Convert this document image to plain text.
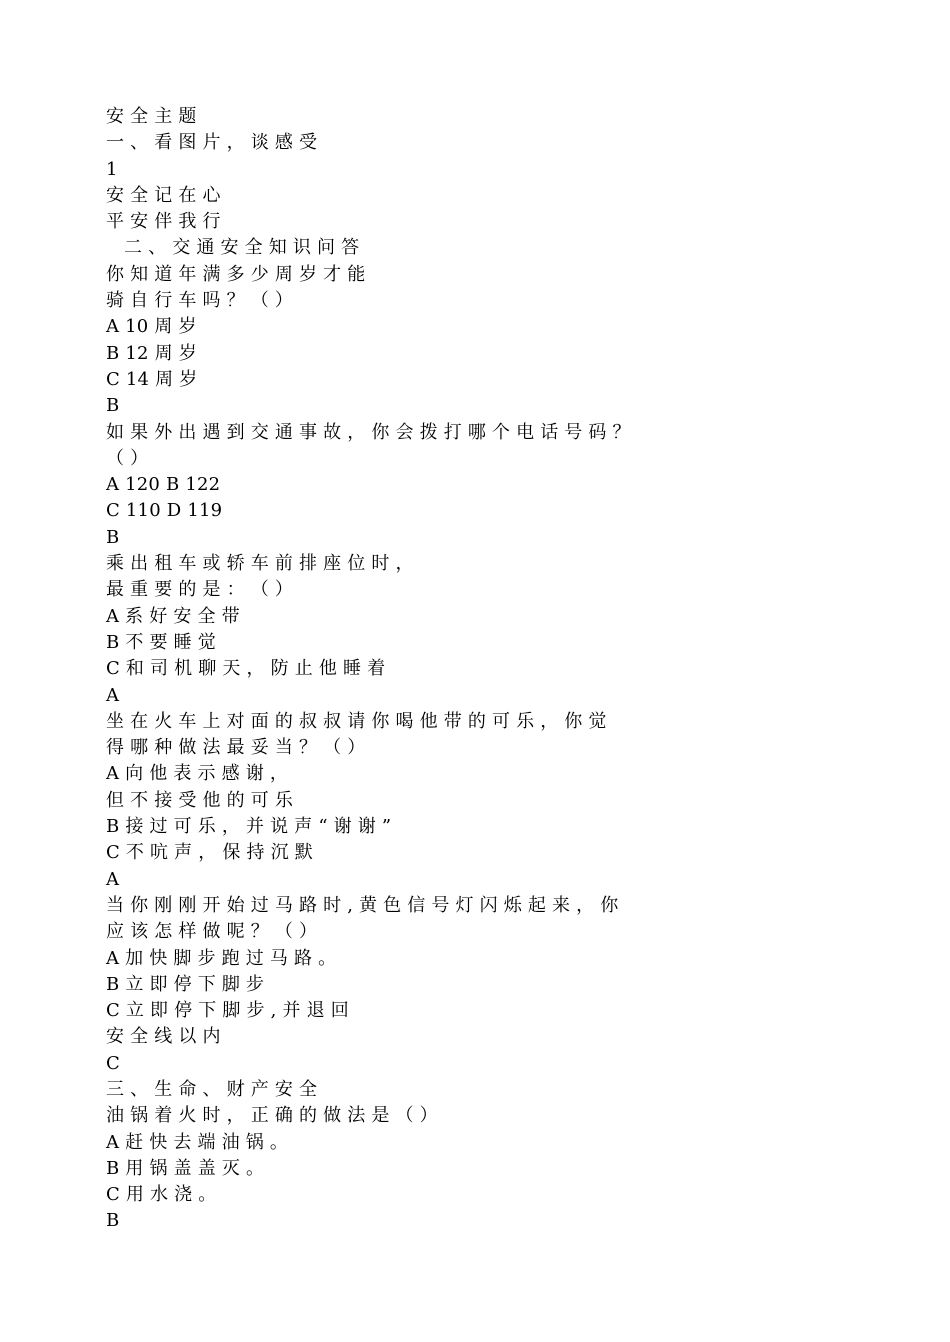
安 全 主 题
一 、 看 图 片 ， 谈 感 受
1
安 全 记 在 心
平 安 伴 我 行
二 、 交 通 安 全 知 识 问 答
你 知 道 年 满 多 少 周 岁 才 能
骑 自 行 车 吗 ？ （ ）
A 10 周 岁
B 12 周 岁
C 14 周 岁
B
如 果 外 出 遇 到 交 通 事 故 ， 你 会 拨 打 哪 个 电 话 号 码 ？
（ ）
A 120 B 122
C 110 D 119
B
乘 出 租 车 或 轿 车 前 排 座 位 时 ，
最 重 要 的 是 ： （ ）
A 系 好 安 全 带
B 不 要 睡 觉
C 和 司 机 聊 天 ， 防 止 他 睡 着
A
坐 在 火 车 上 对 面 的 叔 叔 请 你 喝 他 带 的 可 乐 ， 你 觉
得 哪 种 做 法 最 妥 当 ？ （ ）
A 向 他 表 示 感 谢 ，
但 不 接 受 他 的 可 乐
B 接 过 可 乐 ， 并 说 声 “ 谢 谢 ”
C 不 吭 声 ， 保 持 沉 默
A
当 你 刚 刚 开 始 过 马 路 时 , 黄 色 信 号 灯 闪 烁 起 来 ， 你
应 该 怎 样 做 呢 ？ （ ）
A 加 快 脚 步 跑 过 马 路 。
B 立 即 停 下 脚 步
C 立 即 停 下 脚 步 , 并 退 回
安 全 线 以 内
C
三 、 生 命 、 财 产 安 全
油 锅 着 火 时 ， 正 确 的 做 法 是 （ ）
A 赶 快 去 端 油 锅 。
B 用 锅 盖 盖 灭 。
C 用 水 浇 。
B
